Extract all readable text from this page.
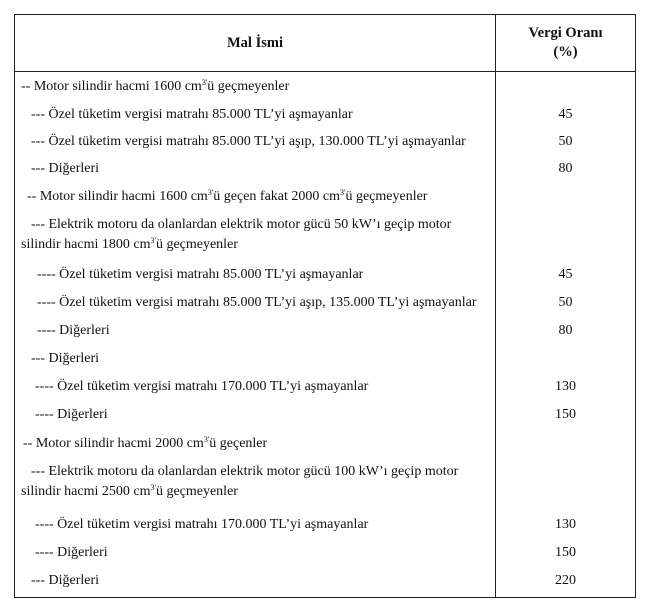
Mal İsmi
Vergi Oranı
(%)
-- Motor silindir hacmi 1600 $cm^{3'}ü$ geçmeyenler
--- Özel tüketim vergisi matrahı 85.000 TL’yi aşmayanlar	45
--- Özel tüketim vergisi matrahı 85.000 TL’yi aşıp, 130.000 TL’yi aşmayanlar	50
--- Diğerleri	80
-- Motor silindir hacmi 1600 $cm^{3'}ü$ geçen fakat 2000 $cm^{3'}ü$ geçmeyenler
--- Elektrik motoru da olanlardan elektrik motor gücü 50 kW’ı geçip motor
silindir hacmi 1800 $cm^{3'}ü$ geçmeyenler
---- Özel tüketim vergisi matrahı 85.000 TL’yi aşmayanlar	45
---- Özel tüketim vergisi matrahı 85.000 TL’yi aşıp, 135.000 TL’yi aşmayanlar	50
---- Diğerleri	80
--- Diğerleri
---- Özel tüketim vergisi matrahı 170.000 TL’yi aşmayanlar	130
---- Diğerleri	150
-- Motor silindir hacmi 2000 $cm^{3'}ü$ geçenler
--- Elektrik motoru da olanlardan elektrik motor gücü 100 kW’ı geçip motor
silindir hacmi 2500 $cm^{3'}ü$ geçmeyenler
---- Özel tüketim vergisi matrahı 170.000 TL’yi aşmayanlar	130
---- Diğerleri	150
--- Diğerleri	220
